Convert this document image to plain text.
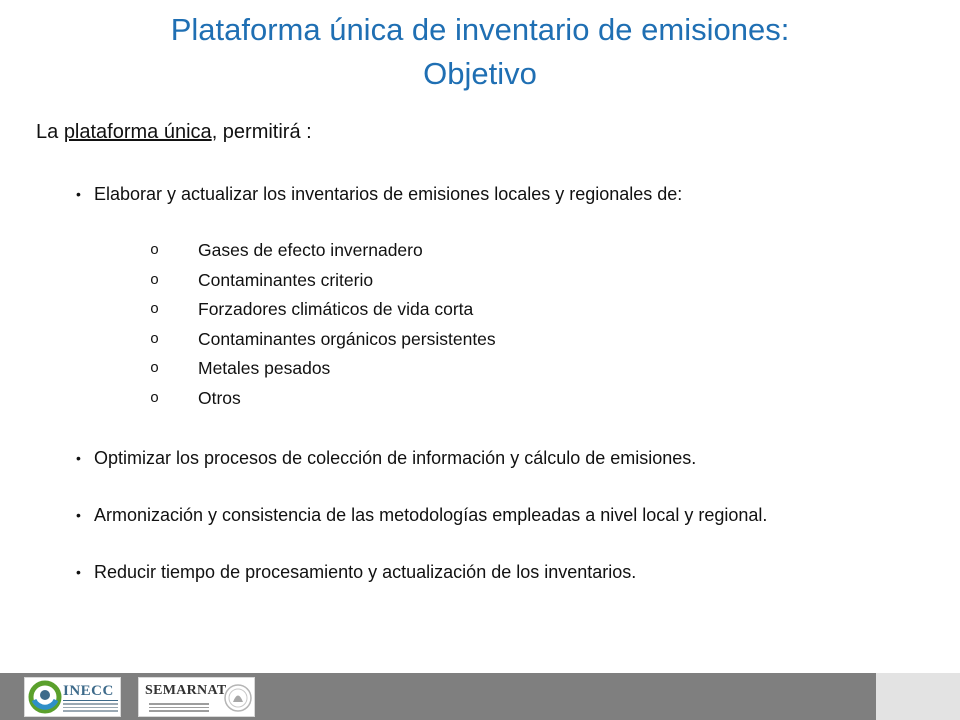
Plataforma única de inventario de emisiones:
Objetivo
La plataforma única, permitirá :
• Elaborar y actualizar los inventarios de emisiones locales y regionales de:
o	Gases de efecto invernadero
o	Contaminantes criterio
o	Forzadores climáticos de vida corta
o	Contaminantes orgánicos persistentes
o	Metales pesados
o	Otros
• Optimizar los procesos de colección de información y cálculo de emisiones.
• Armonización y consistencia de las metodologías empleadas a nivel local y regional.
• Reducir tiempo de procesamiento y actualización de los inventarios.
INECC SEMARNAT
